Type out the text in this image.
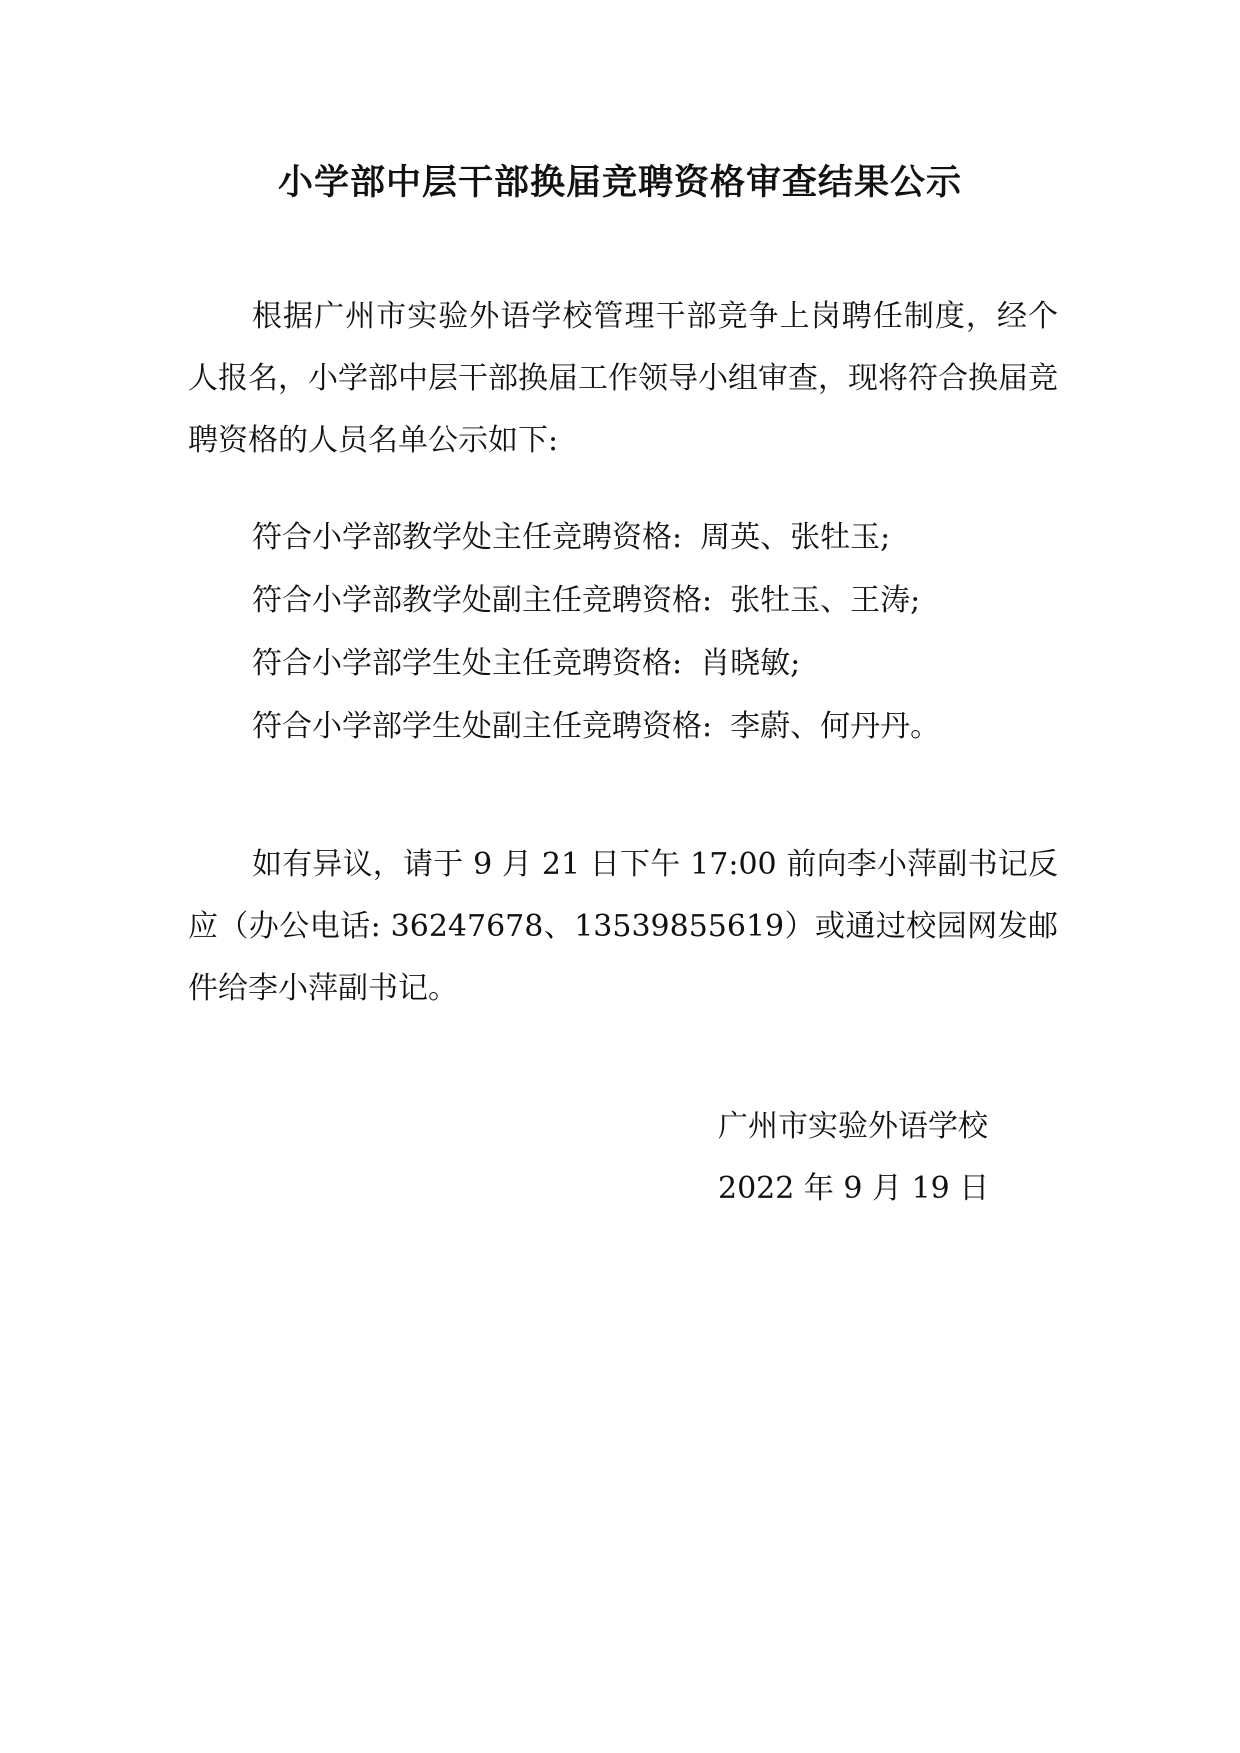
小学部中层干部换届竞聘资格审查结果公示

根据广州市实验外语学校管理干部竞争上岗聘任制度，经个人报名，小学部中层干部换届工作领导小组审查，现将符合换届竞聘资格的人员名单公示如下:

符合小学部教学处主任竞聘资格: 周英、张牡玉;
符合小学部教学处副主任竞聘资格: 张牡玉、王涛;
符合小学部学生处主任竞聘资格: 肖晓敏;
符合小学部学生处副主任竞聘资格: 李蔚、何丹丹。

如有异议，请于 9 月 21 日下午 17:00 前向李小萍副书记反应（办公电话: 36247678、13539855619）或通过校园网发邮件给李小萍副书记。

广州市实验外语学校
2022 年 9 月 19 日
